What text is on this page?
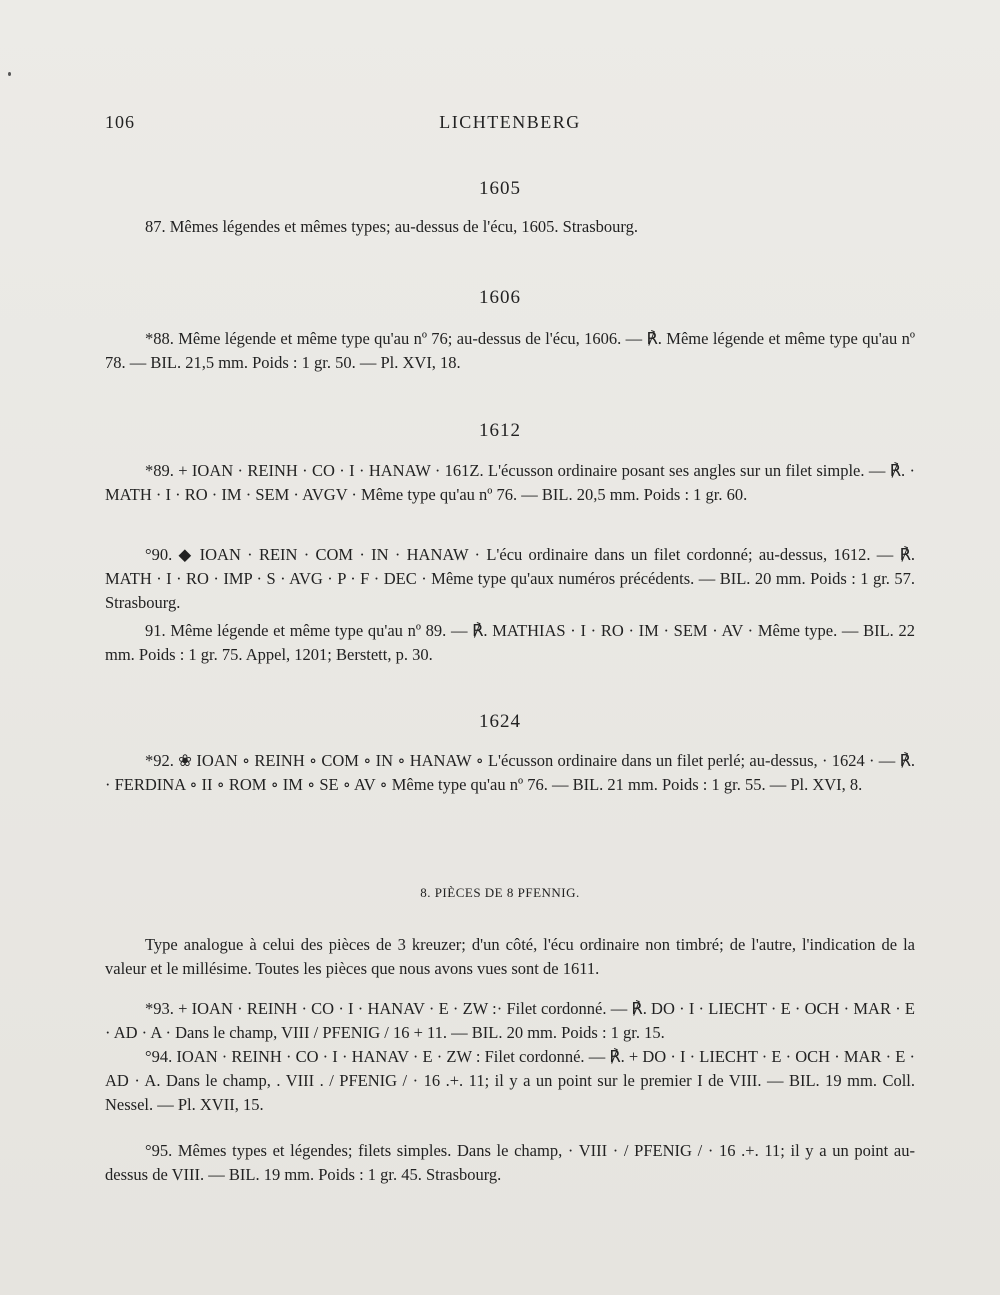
106	LICHTENBERG
1605
87. Mêmes légendes et mêmes types; au-dessus de l'écu, 1605. Strasbourg.
1606
*88. Même légende et même type qu'au nº 76; au-dessus de l'écu, 1606. — ℟. Même légende et même type qu'au nº 78. — BIL. 21,5 mm. Poids : 1 gr. 50. — Pl. XVI, 18.
1612
*89. + IOAN · REINH · CO · I · HANAW · 161Z. L'écusson ordinaire posant ses angles sur un filet simple. — ℟. · MATH · I · RO · IM · SEM · AVGV · Même type qu'au nº 76. — BIL. 20,5 mm. Poids : 1 gr. 60.
°90. ◆ IOAN · REIN · COM · IN · HANAW · L'écu ordinaire dans un filet cordonné; au-dessus, 1612. — ℟. MATH · I · RO · IMP · S · AVG · P · F · DEC · Même type qu'aux numéros précédents. — BIL. 20 mm. Poids : 1 gr. 57. Strasbourg.
91. Même légende et même type qu'au nº 89. — ℟. MATHIAS · I · RO · IM · SEM · AV · Même type. — BIL. 22 mm. Poids : 1 gr. 75. Appel, 1201; Berstett, p. 30.
1624
*92. ❀ IOAN ∘ REINH ∘ COM ∘ IN ∘ HANAW ∘ L'écusson ordinaire dans un filet perlé; au-dessus, · 1624 · — ℟. · FERDINA ∘ II ∘ ROM ∘ IM ∘ SE ∘ AV ∘ Même type qu'au nº 76. — BIL. 21 mm. Poids : 1 gr. 55. — Pl. XVI, 8.
8. PIÈCES DE 8 PFENNIG.
Type analogue à celui des pièces de 3 kreuzer; d'un côté, l'écu ordinaire non timbré; de l'autre, l'indication de la valeur et le millésime. Toutes les pièces que nous avons vues sont de 1611.
*93. + IOAN · REINH · CO · I · HANAV · E · ZW :· Filet cordonné. — ℟. DO · I · LIECHT · E · OCH · MAR · E · AD · A · Dans le champ, VIII / PFENIG / 16 + 11. — BIL. 20 mm. Poids : 1 gr. 15.
°94. IOAN · REINH · CO · I · HANAV · E · ZW : Filet cordonné. — ℟. + DO · I · LIECHT · E · OCH · MAR · E · AD · A. Dans le champ, . VIII . / PFENIG / · 16 .+. 11; il y a un point sur le premier I de VIII. — BIL. 19 mm. Coll. Nessel. — Pl. XVII, 15.
°95. Mêmes types et légendes; filets simples. Dans le champ, · VIII · / PFENIG / · 16 .+. 11; il y a un point au-dessus de VIII. — BIL. 19 mm. Poids : 1 gr. 45. Strasbourg.
